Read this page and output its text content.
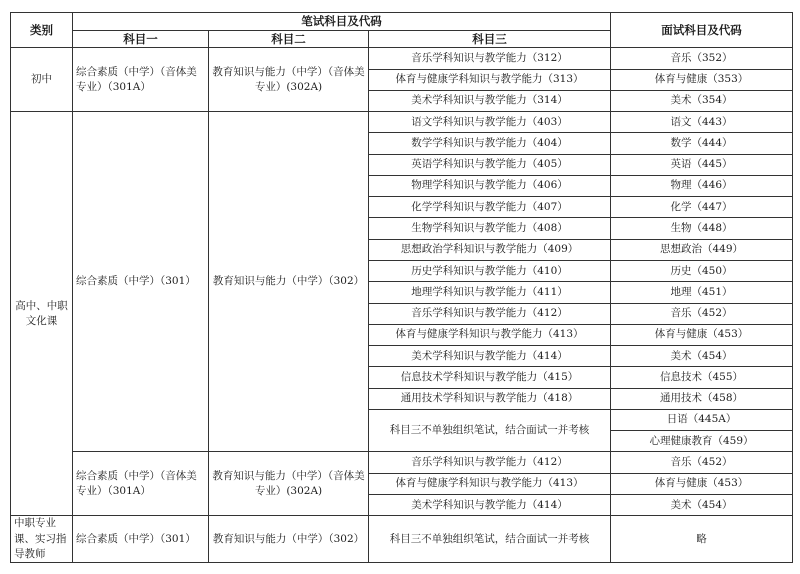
类别	笔试科目及代码			面试科目及代码
	科目一	科目二	科目三	
初中	综合素质（中学）（音体美专业）（301A）	教育知识与能力（中学）（音体美专业）(302A)	音乐学科知识与教学能力（312）	音乐（352）
			体育与健康学科知识与教学能力（313）	体育与健康（353）
			美术学科知识与教学能力（314）	美术（354）
高中、中职文化课	综合素质（中学）（301）	教育知识与能力（中学）（302）	语文学科知识与教学能力（403）	语文（443）
			数学学科知识与教学能力（404）	数学（444）
			英语学科知识与教学能力（405）	英语（445）
			物理学科知识与教学能力（406）	物理（446）
			化学学科知识与教学能力（407）	化学（447）
			生物学科知识与教学能力（408）	生物（448）
			思想政治学科知识与教学能力（409）	思想政治（449）
			历史学科知识与教学能力（410）	历史（450）
			地理学科知识与教学能力（411）	地理（451）
			音乐学科知识与教学能力（412）	音乐（452）
			体育与健康学科知识与教学能力（413）	体育与健康（453）
			美术学科知识与教学能力（414）	美术（454）
			信息技术学科知识与教学能力（415）	信息技术（455）
			通用技术学科知识与教学能力（418）	通用技术（458）
			科目三不单独组织笔试，结合面试一并考核	日语（445A）
				心理健康教育（459）
	综合素质（中学）（音体美专业）（301A）	教育知识与能力（中学）（音体美专业）(302A)	音乐学科知识与教学能力（412）	音乐（452）
			体育与健康学科知识与教学能力（413）	体育与健康（453）
			美术学科知识与教学能力（414）	美术（454）
中职专业课、实习指导教师	综合素质（中学）（301）	教育知识与能力（中学）（302）	科目三不单独组织笔试，结合面试一并考核	略
